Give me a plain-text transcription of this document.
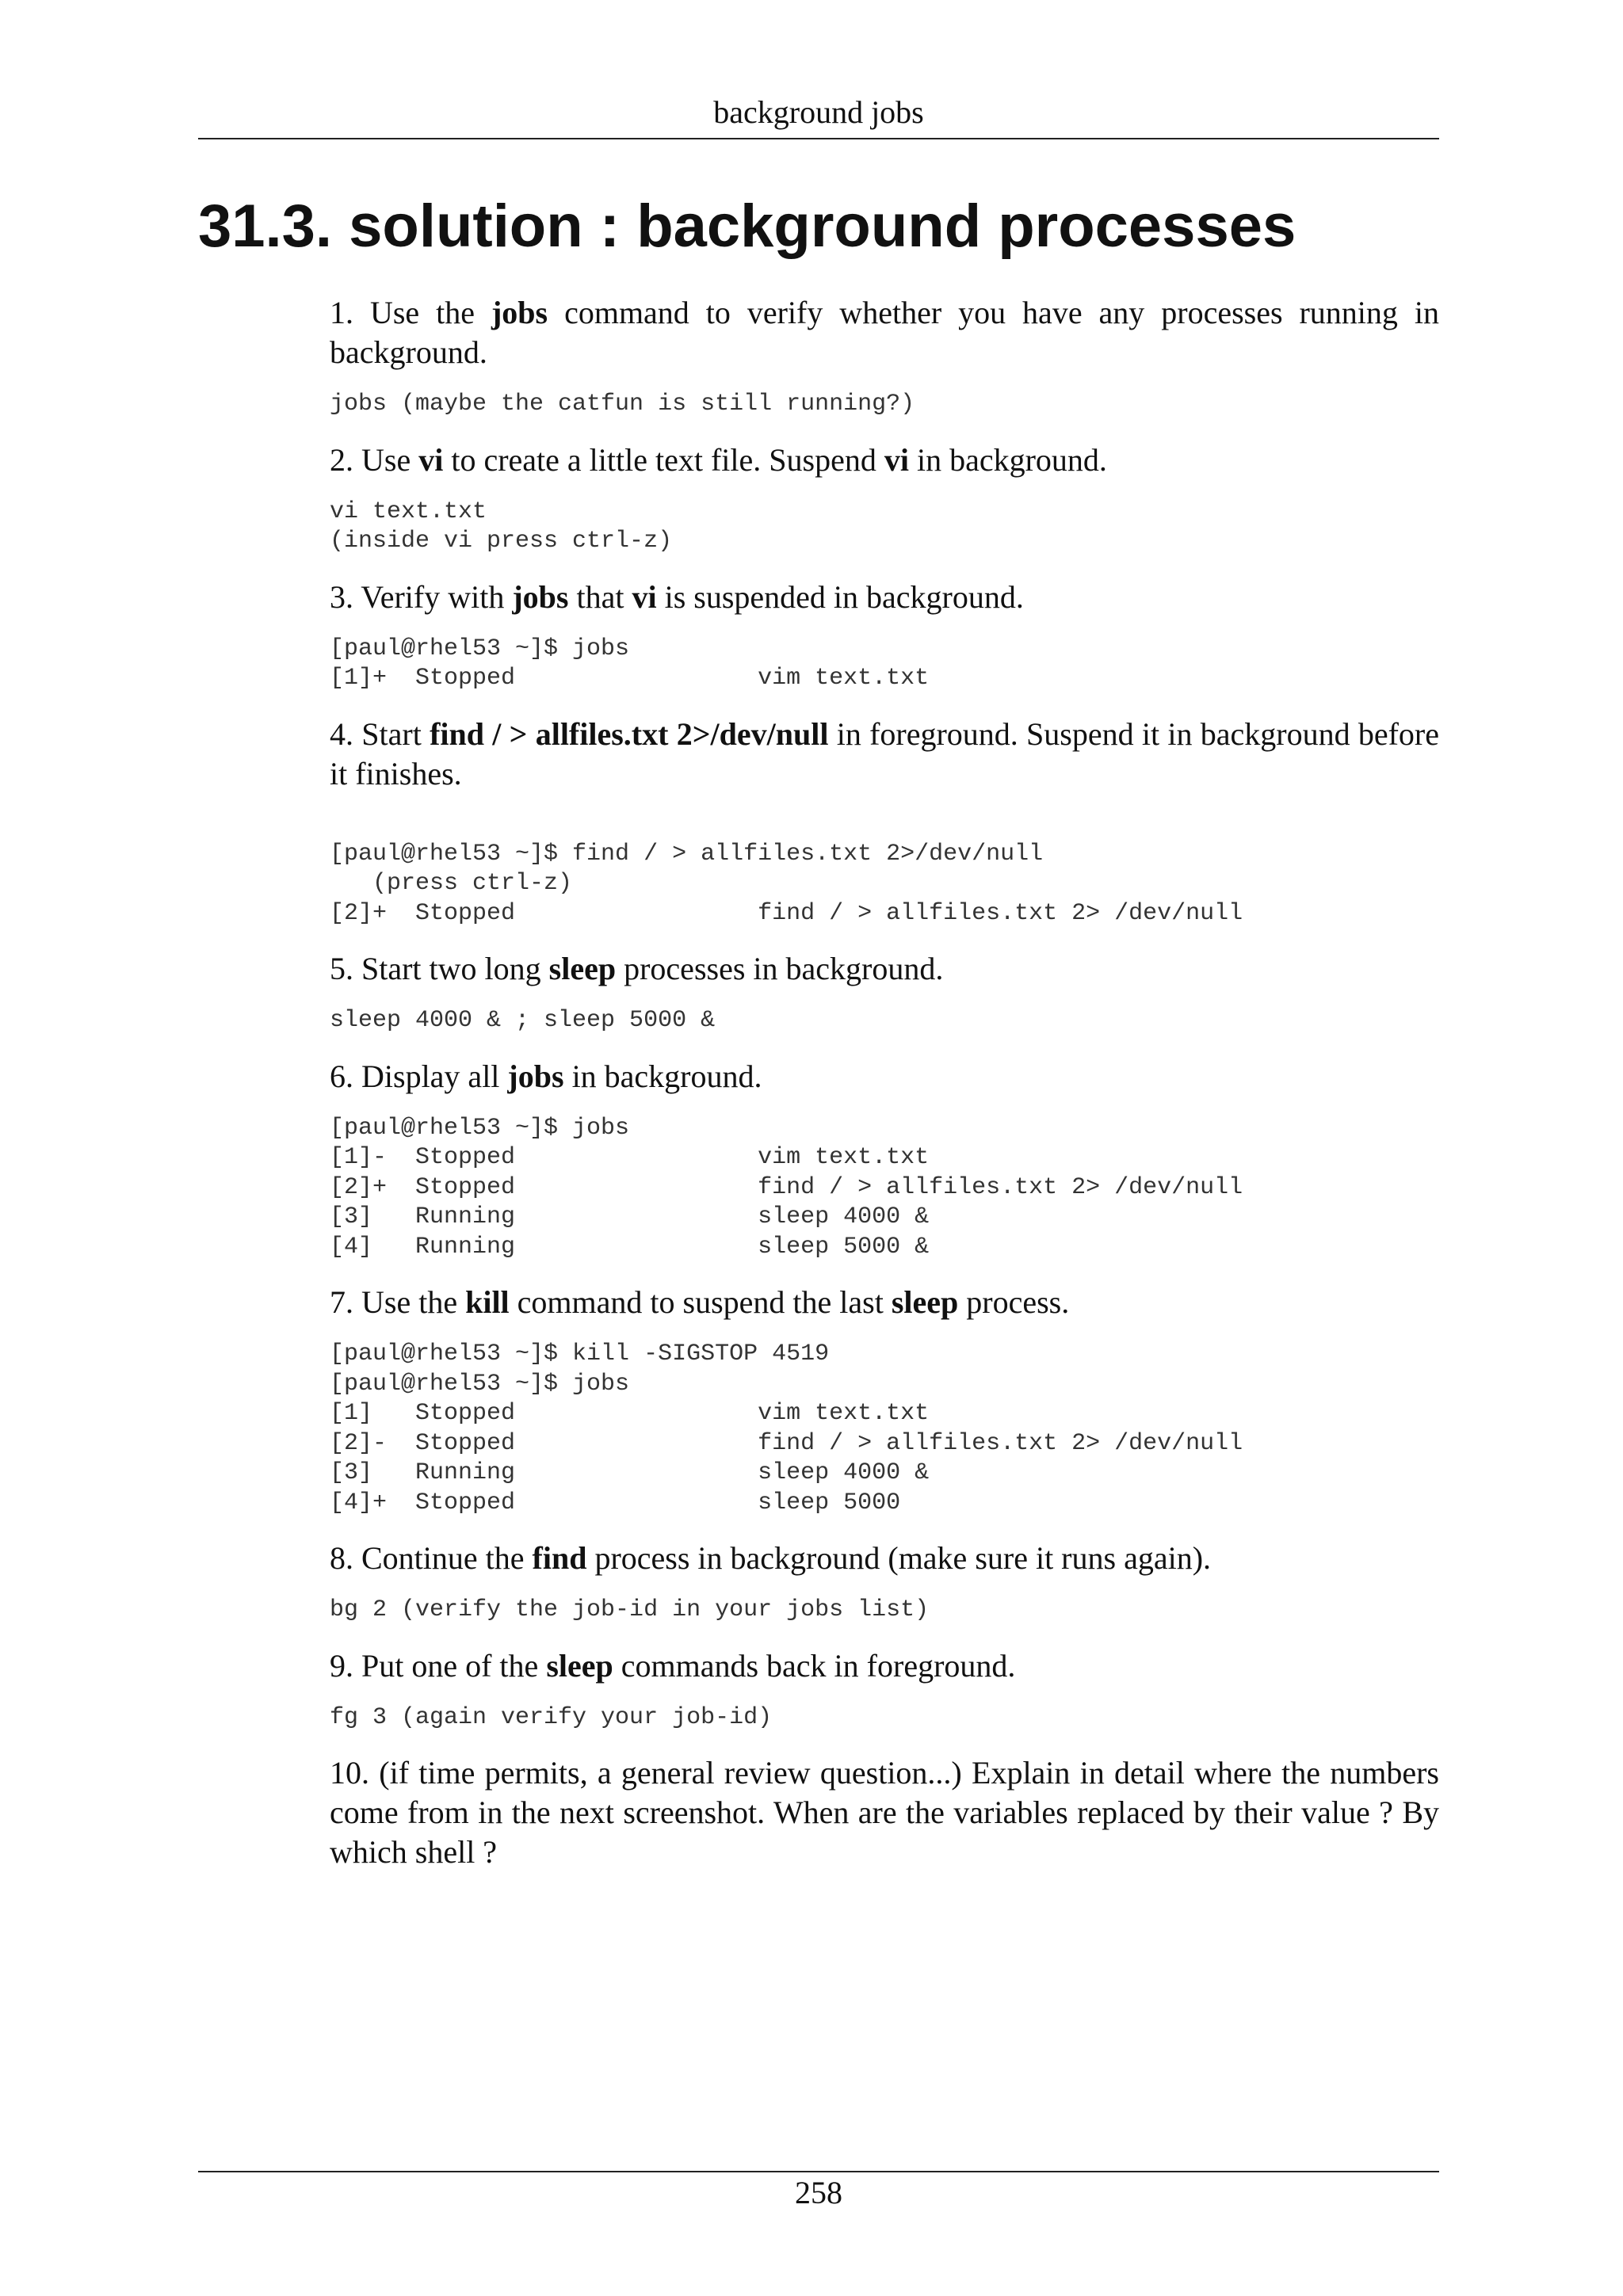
background jobs
31.3. solution : background processes

1. Use the jobs command to verify whether you have any processes running in background.

jobs (maybe the catfun is still running?)

2. Use vi to create a little text file. Suspend vi in background.

vi text.txt
(inside vi press ctrl-z)

3. Verify with jobs that vi is suspended in background.

[paul@rhel53 ~]$ jobs
[1]+  Stopped                 vim text.txt

4. Start find / > allfiles.txt 2>/dev/null in foreground. Suspend it in background before it finishes.

[paul@rhel53 ~]$ find / > allfiles.txt 2>/dev/null
(press ctrl-z)
[2]+  Stopped                 find / > allfiles.txt 2> /dev/null

5. Start two long sleep processes in background.

sleep 4000 & ; sleep 5000 &

6. Display all jobs in background.

[paul@rhel53 ~]$ jobs
[1]-  Stopped                 vim text.txt
[2]+  Stopped                 find / > allfiles.txt 2> /dev/null
[3]   Running                 sleep 4000 &
[4]   Running                 sleep 5000 &

7. Use the kill command to suspend the last sleep process.

[paul@rhel53 ~]$ kill -SIGSTOP 4519
[paul@rhel53 ~]$ jobs
[1]   Stopped                 vim text.txt
[2]-  Stopped                 find / > allfiles.txt 2> /dev/null
[3]   Running                 sleep 4000 &
[4]+  Stopped                 sleep 5000

8. Continue the find process in background (make sure it runs again).

bg 2 (verify the job-id in your jobs list)

9. Put one of the sleep commands back in foreground.

fg 3 (again verify your job-id)

10. (if time permits, a general review question...) Explain in detail where the numbers come from in the next screenshot. When are the variables replaced by their value ? By which shell ?

258
